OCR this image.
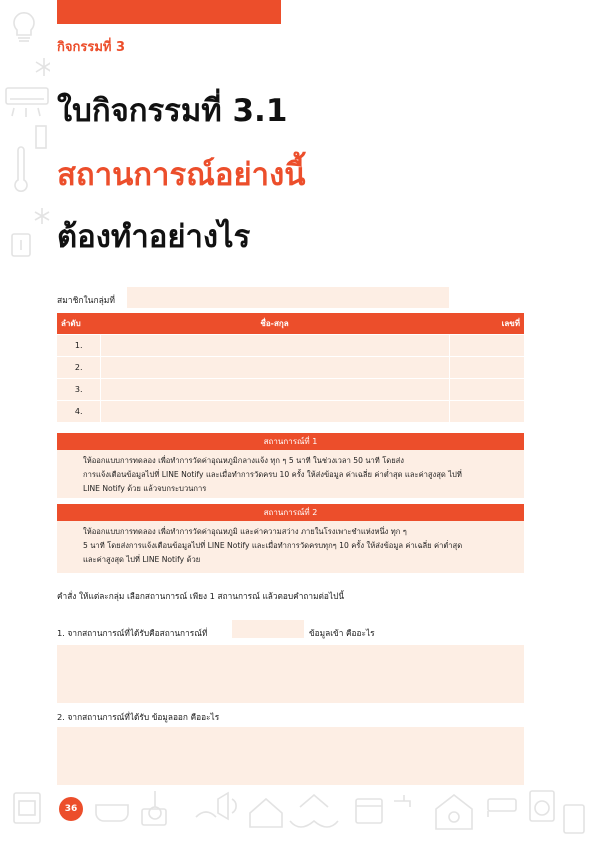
กิจกรรมที่ 3
ใบกิจกรรมที่ 3.1
สถานการณ์อย่างนี้
ต้องทำอย่างไร
สมาชิกในกลุ่มที่
ลำดับ	ชื่อ-สกุล	เลขที่
1.		
2.		
3.		
4.		
สถานการณ์ที่ 1
ให้ออกแบบการทดลอง เพื่อทำการวัดค่าอุณหภูมิกลางแจ้ง ทุก ๆ 5 นาที ในช่วงเวลา 50 นาที โดยส่ง
การแจ้งเตือนข้อมูลไปที่ LINE Notify และเมื่อทำการวัดครบ 10 ครั้ง ให้ส่งข้อมูล ค่าเฉลี่ย ค่าต่ำสุด และค่าสูงสุด ไปที่
LINE Notify ด้วย แล้วจบกระบวนการ
สถานการณ์ที่ 2
ให้ออกแบบการทดลอง เพื่อทำการวัดค่าอุณหภูมิ และค่าความสว่าง ภายในโรงเพาะชำแห่งหนึ่ง ทุก ๆ
5 นาที โดยส่งการแจ้งเตือนข้อมูลไปที่ LINE Notify และเมื่อทำการวัดครบทุกๆ 10 ครั้ง ให้ส่งข้อมูล ค่าเฉลี่ย ค่าต่ำสุด
และค่าสูงสุด ไปที่ LINE Notify ด้วย
คำสั่ง ให้แต่ละกลุ่ม เลือกสถานการณ์ เพียง 1 สถานการณ์ แล้วตอบคำถามต่อไปนี้
1. จากสถานการณ์ที่ได้รับคือสถานการณ์ที่	ข้อมูลเข้า คืออะไร
2. จากสถานการณ์ที่ได้รับ ข้อมูลออก คืออะไร
36
